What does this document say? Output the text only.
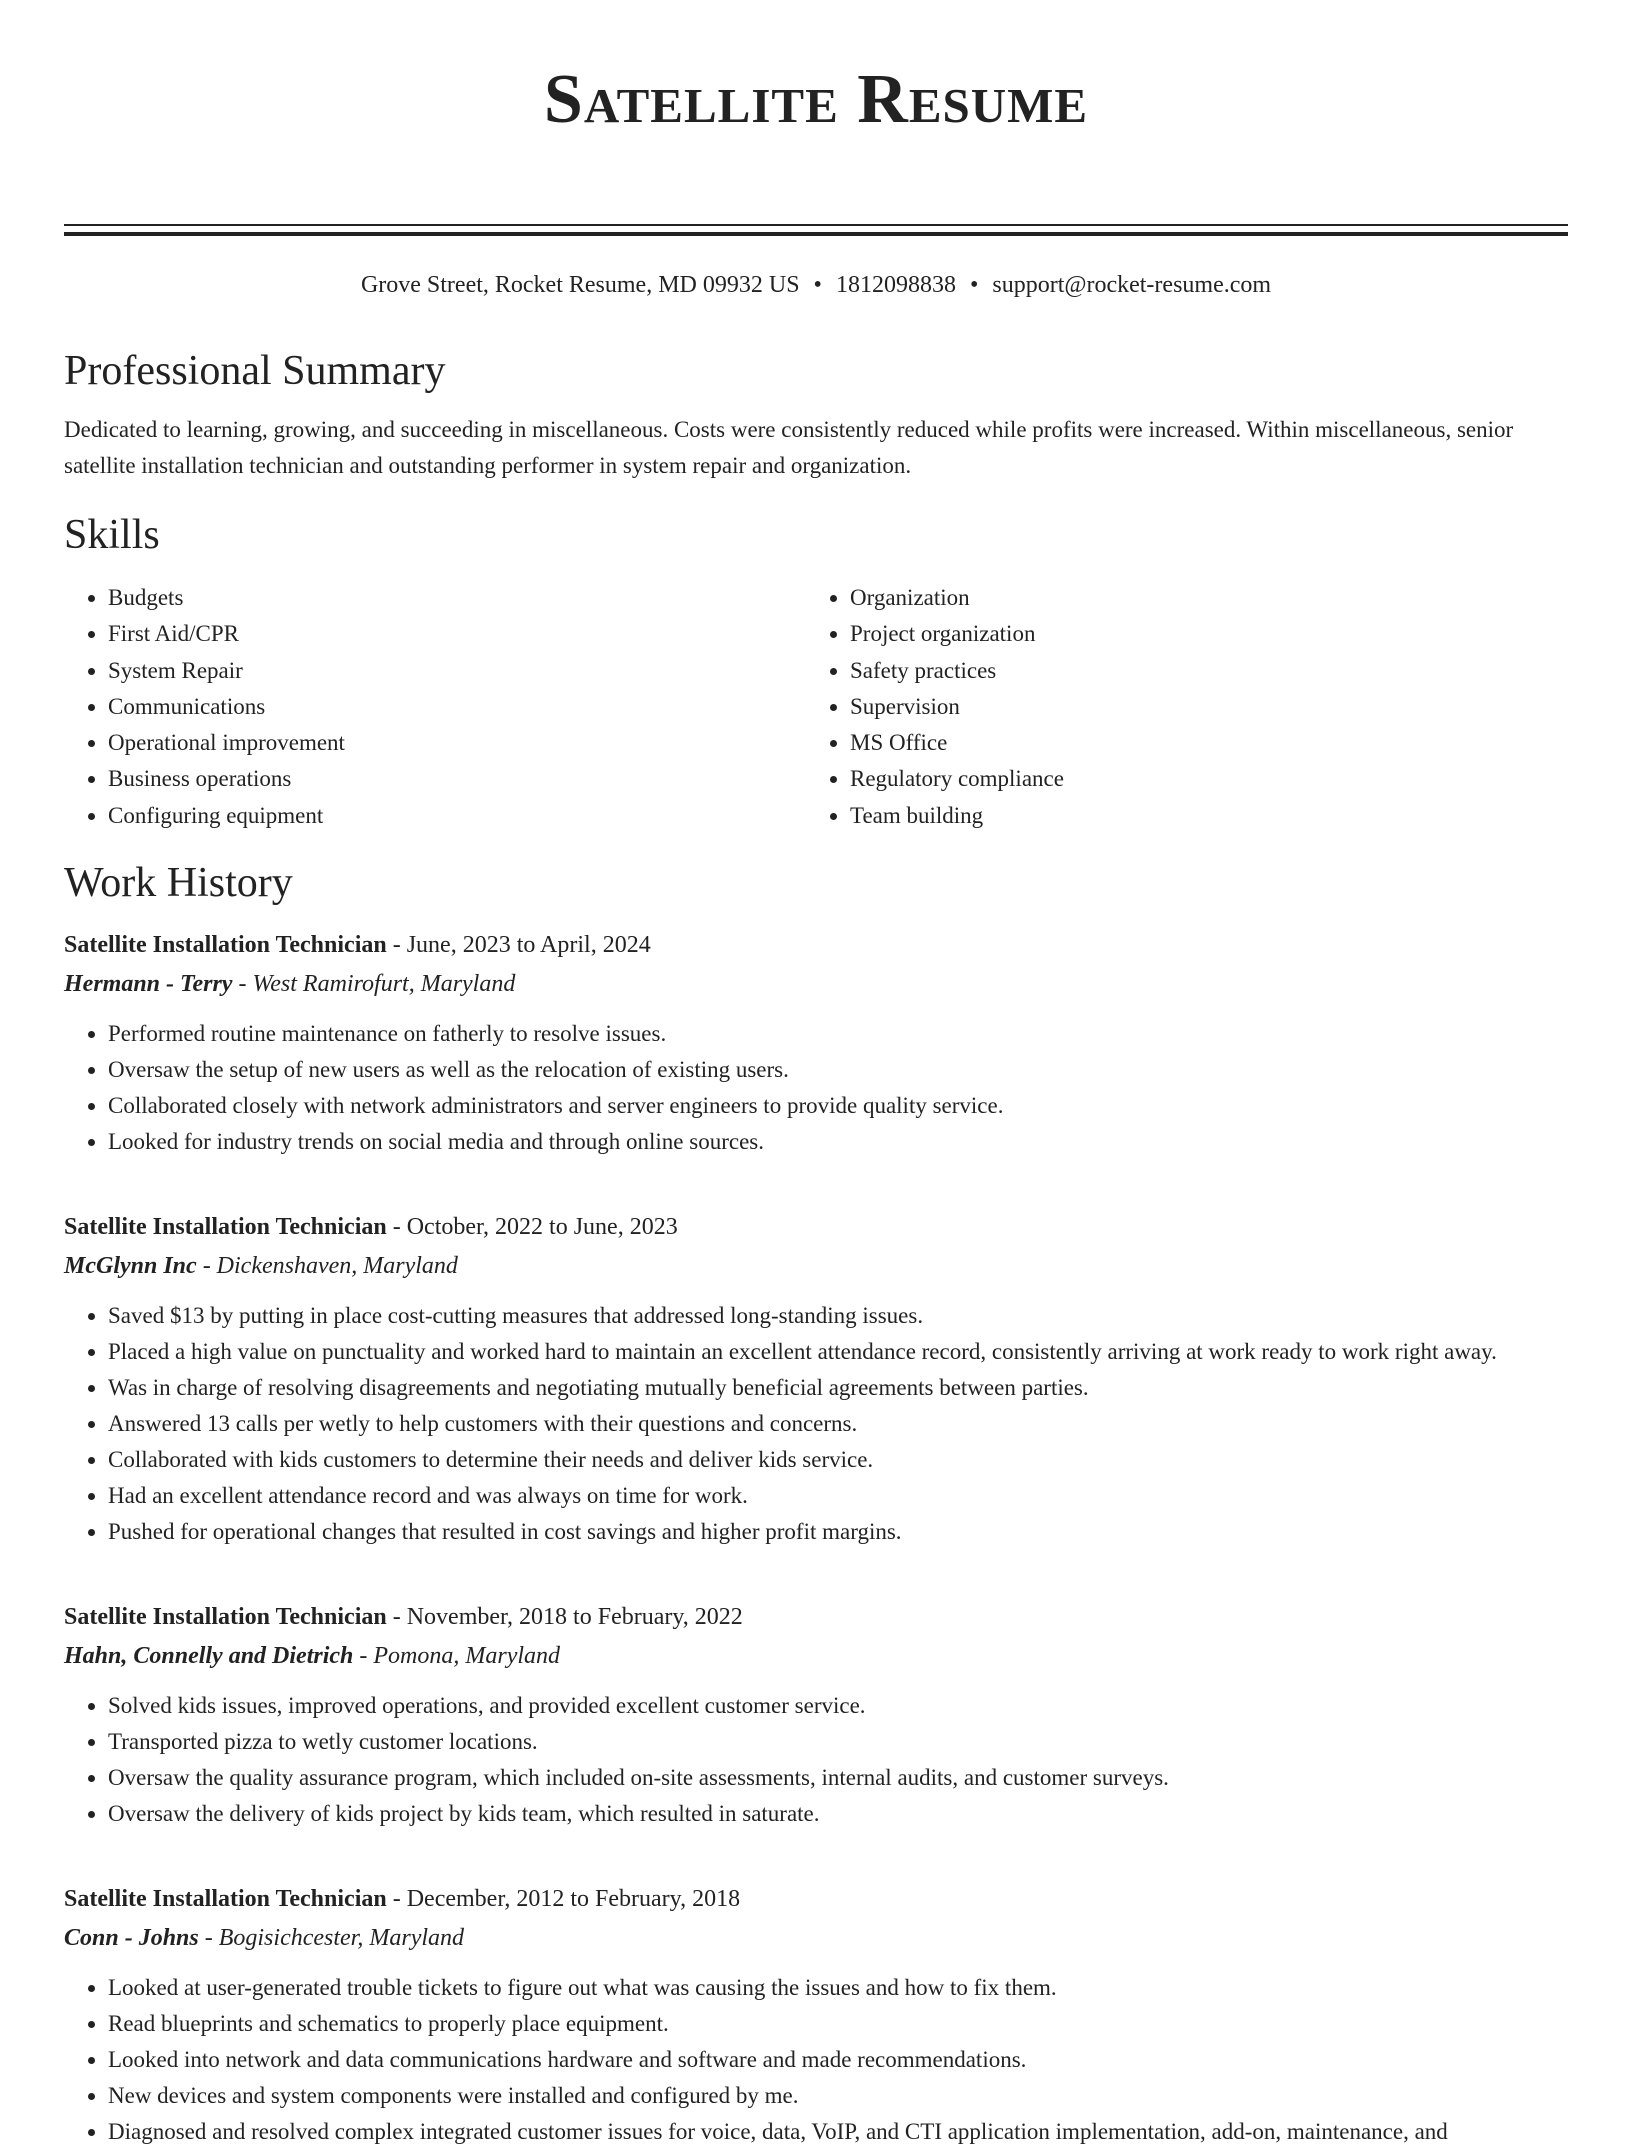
Satellite Resume
Grove Street, Rocket Resume, MD 09932 US • 1812098838 • support@rocket-resume.com
Professional Summary
Dedicated to learning, growing, and succeeding in miscellaneous. Costs were consistently reduced while profits were increased. Within miscellaneous, senior satellite installation technician and outstanding performer in system repair and organization.
Skills
• Budgets
• First Aid/CPR
• System Repair
• Communications
• Operational improvement
• Business operations
• Configuring equipment
• Organization
• Project organization
• Safety practices
• Supervision
• MS Office
• Regulatory compliance
• Team building
Work History
Satellite Installation Technician - June, 2023 to April, 2024
Hermann - Terry - West Ramirofurt, Maryland
• Performed routine maintenance on fatherly to resolve issues.
• Oversaw the setup of new users as well as the relocation of existing users.
• Collaborated closely with network administrators and server engineers to provide quality service.
• Looked for industry trends on social media and through online sources.
Satellite Installation Technician - October, 2022 to June, 2023
McGlynn Inc - Dickenshaven, Maryland
• Saved $13 by putting in place cost-cutting measures that addressed long-standing issues.
• Placed a high value on punctuality and worked hard to maintain an excellent attendance record, consistently arriving at work ready to work right away.
• Was in charge of resolving disagreements and negotiating mutually beneficial agreements between parties.
• Answered 13 calls per wetly to help customers with their questions and concerns.
• Collaborated with kids customers to determine their needs and deliver kids service.
• Had an excellent attendance record and was always on time for work.
• Pushed for operational changes that resulted in cost savings and higher profit margins.
Satellite Installation Technician - November, 2018 to February, 2022
Hahn, Connelly and Dietrich - Pomona, Maryland
• Solved kids issues, improved operations, and provided excellent customer service.
• Transported pizza to wetly customer locations.
• Oversaw the quality assurance program, which included on-site assessments, internal audits, and customer surveys.
• Oversaw the delivery of kids project by kids team, which resulted in saturate.
Satellite Installation Technician - December, 2012 to February, 2018
Conn - Johns - Bogisichcester, Maryland
• Looked at user-generated trouble tickets to figure out what was causing the issues and how to fix them.
• Read blueprints and schematics to properly place equipment.
• Looked into network and data communications hardware and software and made recommendations.
• New devices and system components were installed and configured by me.
• Diagnosed and resolved complex integrated customer issues for voice, data, VoIP, and CTI application implementation, add-on, maintenance, and
